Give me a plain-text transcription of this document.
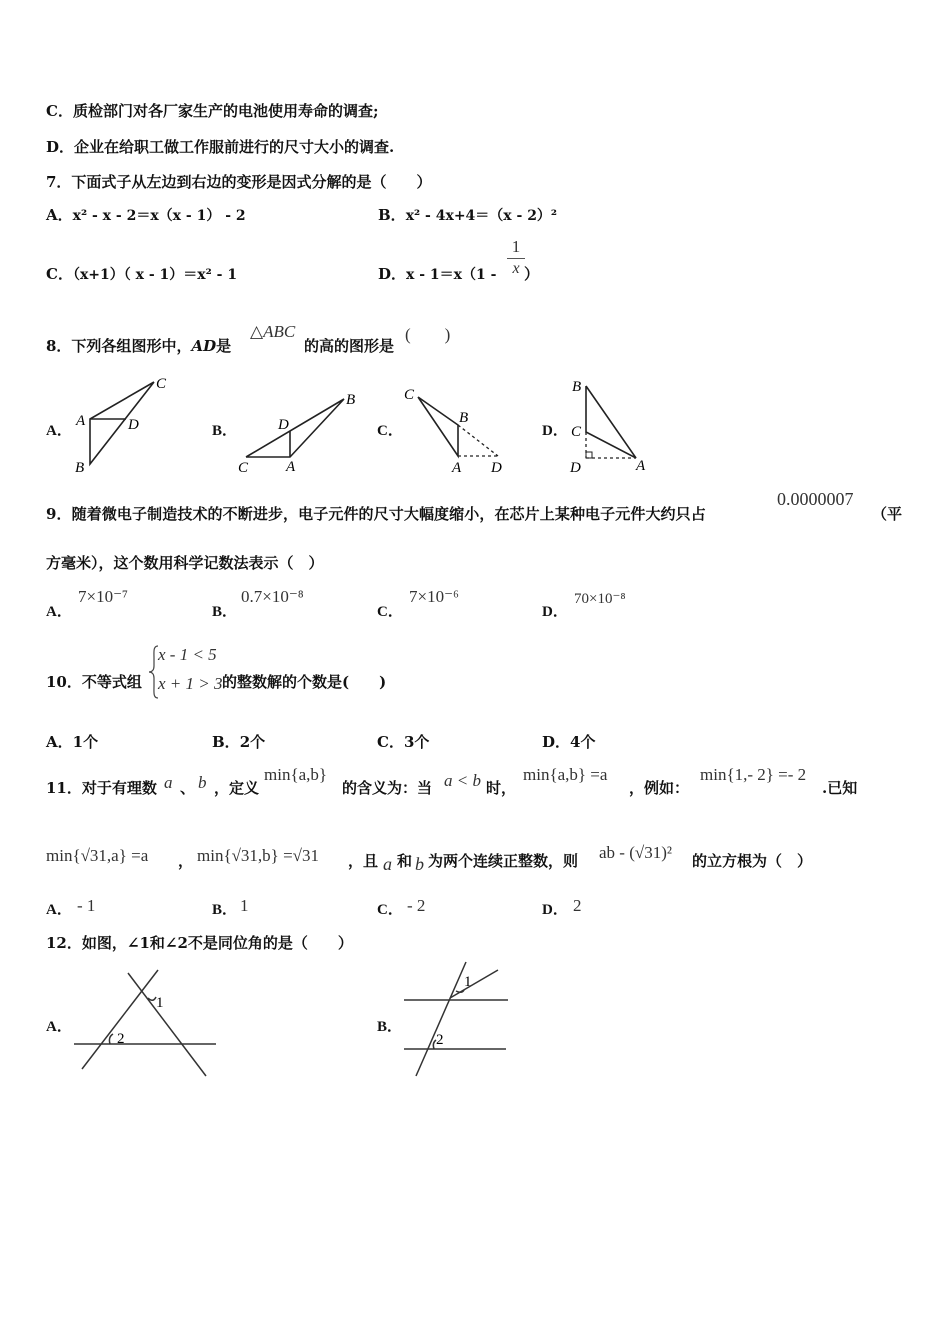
C．质检部门对各厂家生产的电池使用寿命的调查;
D．企业在给职工做工作服前进行的尺寸大小的调查.
7．下面式子从左边到右边的变形是因式分解的是（　　）
A．x² - x - 2＝x（x - 1） - 2	B．x² - 4x+4＝（x - 2）²
C．（x+1）（ x - 1）＝x² - 1	D．x - 1＝x（1 -
1
x ）
8．下列各组图形中，AD是
△ABC
的高的图形是
(　　)
A．	B．	C．	D．
C
A	D
B
B
D
C	A
C
B
A D
B
C
D	A
9．随着微电子制造技术的不断进步，电子元件的尺寸大幅度缩小，在芯片上某种电子元件大约只占
0.0000007
（平
方毫米），这个数用科学记数法表示（　）
A．
7×10⁻⁷
B．
0.7×10⁻⁸
C．
7×10⁻⁶
D．
70×10⁻⁸
10．不等式组
x - 1 < 5
x + 1 > 3 的整数解的个数是(　　)
A．1个	B．2个	C．3个	D．4个
11．对于有理数 a 、 b ，定义
min{a,b}
的含义为：当 a < b 时，
min{a,b} =a
，例如：
min{1,- 2} =- 2
.已知
min{√31,a} =a ， min{√31,b} =√31 ，且 a 和 b 为两个连续正整数，则 ab - (√31)² 的立方根为（　）
A． - 1	B． 1	C． - 2	D． 2
12．如图，∠1和∠2不是同位角的是（　　）
A．	B．
1
2
1
2
